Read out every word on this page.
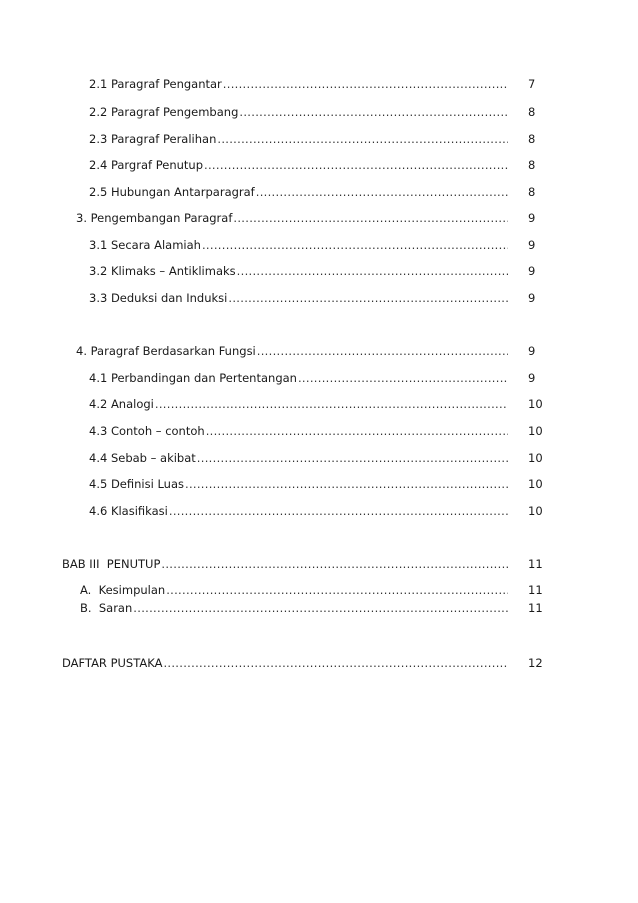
2.1 Paragraf Pengantar .....	7
2.2 Paragraf Pengembang .....	8
2.3 Paragraf Peralihan .....	8
2.4 Pargraf Penutup .....	8
2.5 Hubungan Antarparagraf .....	8
3. Pengembangan Paragraf .....	9
3.1 Secara Alamiah .....	9
3.2 Klimaks – Antiklimaks .....	9
3.3 Deduksi dan Induksi .....	9
4. Paragraf Berdasarkan Fungsi .....	9
4.1 Perbandingan dan Pertentangan .....	9
4.2 Analogi .....	10
4.3 Contoh – contoh .....	10
4.4 Sebab – akibat .....	10
4.5 Definisi Luas .....	10
4.6 Klasifikasi .....	10
BAB III  PENUTUP .....	11
A.  Kesimpulan .....	11
B.  Saran .....	11
DAFTAR PUSTAKA .....	12
